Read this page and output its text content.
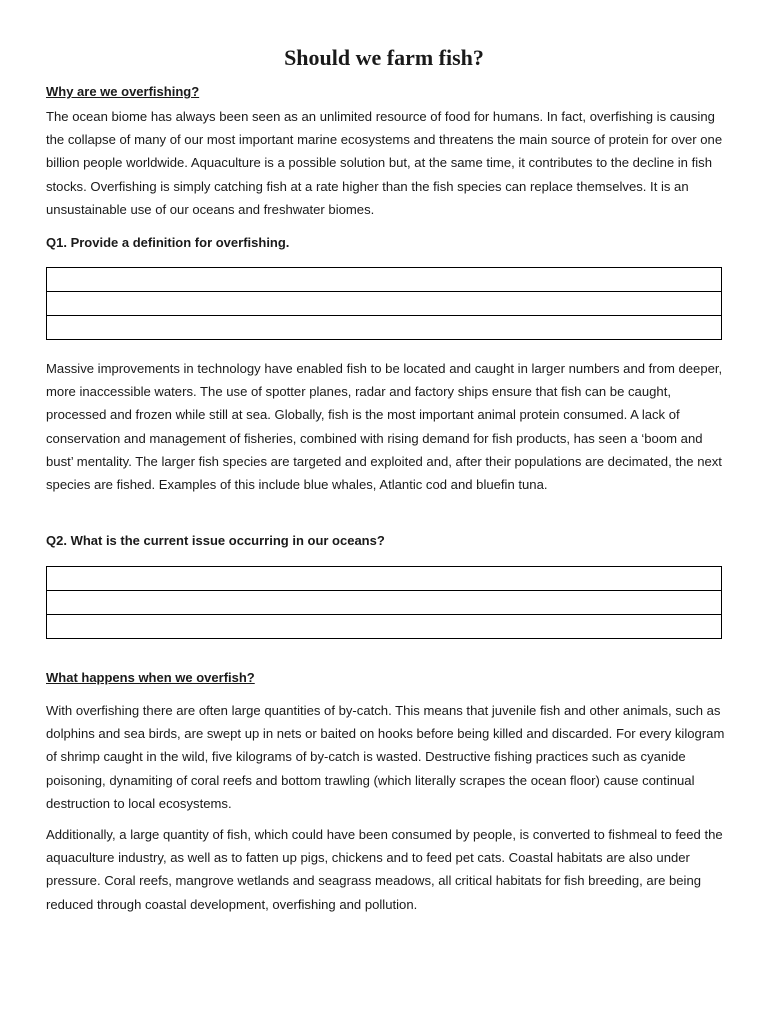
Should we farm fish?
Why are we overfishing?

The ocean biome has always been seen as an unlimited resource of food for humans. In fact, overfishing is causing the collapse of many of our most important marine ecosystems and threatens the main source of protein for over one billion people worldwide. Aquaculture is a possible solution but, at the same time, it contributes to the decline in fish stocks. Overfishing is simply catching fish at a rate higher than the fish species can replace themselves. It is an unsustainable use of our oceans and freshwater biomes.

Q1. Provide a definition for overfishing.

Massive improvements in technology have enabled fish to be located and caught in larger numbers and from deeper, more inaccessible waters. The use of spotter planes, radar and factory ships ensure that fish can be caught, processed and frozen while still at sea. Globally, fish is the most important animal protein consumed. A lack of conservation and management of fisheries, combined with rising demand for fish products, has seen a ‘boom and bust’ mentality. The larger fish species are targeted and exploited and, after their populations are decimated, the next species are fished. Examples of this include blue whales, Atlantic cod and bluefin tuna.

Q2. What is the current issue occurring in our oceans?
What happens when we overfish?

With overfishing there are often large quantities of by-catch. This means that juvenile fish and other animals, such as dolphins and sea birds, are swept up in nets or baited on hooks before being killed and discarded. For every kilogram of shrimp caught in the wild, five kilograms of by-catch is wasted. Destructive fishing practices such as cyanide poisoning, dynamiting of coral reefs and bottom trawling (which literally scrapes the ocean floor) cause continual destruction to local ecosystems.

Additionally, a large quantity of fish, which could have been consumed by people, is converted to fishmeal to feed the aquaculture industry, as well as to fatten up pigs, chickens and to feed pet cats. Coastal habitats are also under pressure. Coral reefs, mangrove wetlands and seagrass meadows, all critical habitats for fish breeding, are being reduced through coastal development, overfishing and pollution.
